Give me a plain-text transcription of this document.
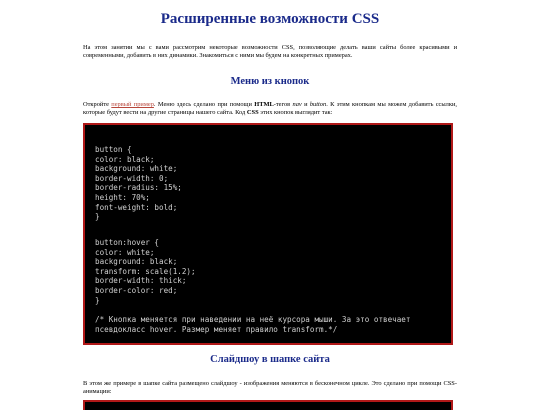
Расширенные возможности CSS

На этом занятии мы с вами рассмотрим некоторые возможности CSS, позволяющие делать ваши сайты более красивыми и современными, добавить в них динамики. Знакомиться с ними мы будем на конкретных примерах.

Меню из кнопок

Откройте первый пример. Меню здесь сделано при помощи HTML-тегов nav и button. К этим кнопкам мы можем добавить ссылки, которые будут вести на другие страницы нашего сайта. Код CSS этих кнопок выглядит так:

button {
color: black;
background: white;
border-width: 0;
border-radius: 15%;
height: 70%;
font-weight: bold;
}
button:hover {
color: white;
background: black;
transform: scale(1.2);
border-width: thick;
border-color: red;
}
/* Кнопка меняется при наведении на неё курсора мыши. За это отвечает
псевдокласс hover. Размер меняет правило transform.*/
Слайдшоу в шапке сайта

В этом же примере в шапке сайта размещено слайдшоу - изображения меняются в бесконечном цикле. Это сделано при помощи CSS-анимации:
